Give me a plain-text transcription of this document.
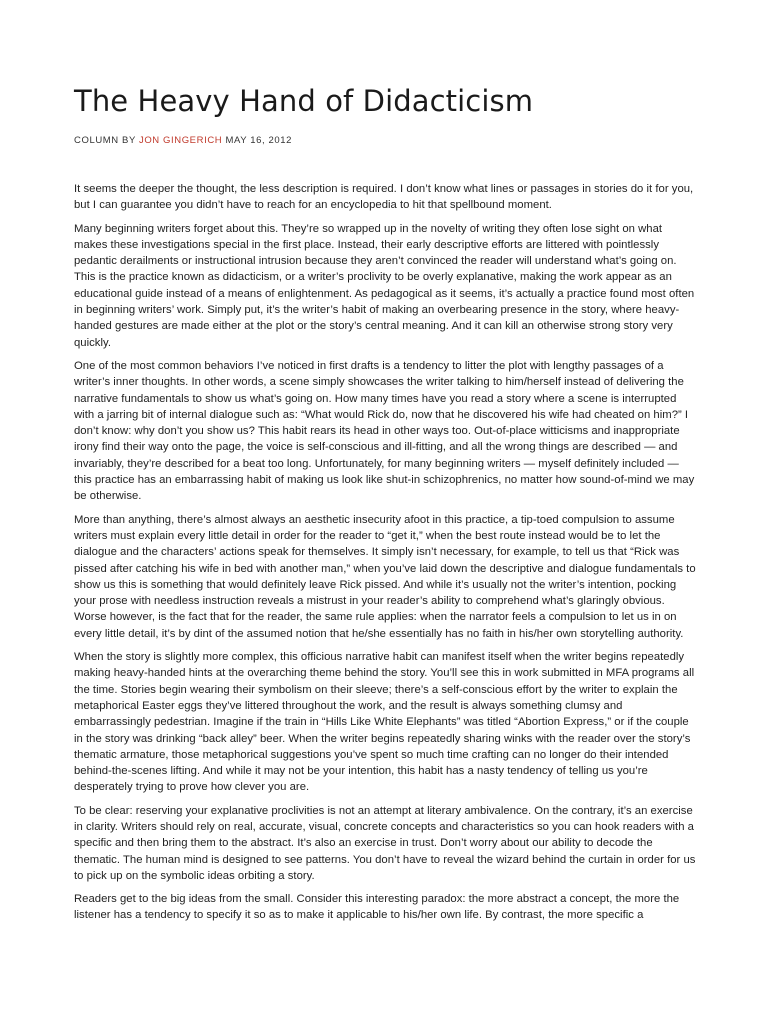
The Heavy Hand of Didacticism
COLUMN BY JON GINGERICH MAY 16, 2012

It seems the deeper the thought, the less description is required. I don’t know what lines or passages in stories do it for you, but I can guarantee you didn’t have to reach for an encyclopedia to hit that spellbound moment.

Many beginning writers forget about this. They’re so wrapped up in the novelty of writing they often lose sight on what makes these investigations special in the first place. Instead, their early descriptive efforts are littered with pointlessly pedantic derailments or instructional intrusion because they aren’t convinced the reader will understand what’s going on. This is the practice known as didacticism, or a writer’s proclivity to be overly explanative, making the work appear as an educational guide instead of a means of enlightenment. As pedagogical as it seems, it’s actually a practice found most often in beginning writers’ work. Simply put, it’s the writer’s habit of making an overbearing presence in the story, where heavy-handed gestures are made either at the plot or the story’s central meaning. And it can kill an otherwise strong story very quickly.

One of the most common behaviors I’ve noticed in first drafts is a tendency to litter the plot with lengthy passages of a writer’s inner thoughts. In other words, a scene simply showcases the writer talking to him/herself instead of delivering the narrative fundamentals to show us what’s going on. How many times have you read a story where a scene is interrupted with a jarring bit of internal dialogue such as: “What would Rick do, now that he discovered his wife had cheated on him?” I don’t know: why don’t you show us? This habit rears its head in other ways too. Out-of-place witticisms and inappropriate irony find their way onto the page, the voice is self-conscious and ill-fitting, and all the wrong things are described — and invariably, they’re described for a beat too long. Unfortunately, for many beginning writers — myself definitely included — this practice has an embarrassing habit of making us look like shut-in schizophrenics, no matter how sound-of-mind we may be otherwise.

More than anything, there’s almost always an aesthetic insecurity afoot in this practice, a tip-toed compulsion to assume writers must explain every little detail in order for the reader to “get it,” when the best route instead would be to let the dialogue and the characters’ actions speak for themselves. It simply isn’t necessary, for example, to tell us that “Rick was pissed after catching his wife in bed with another man,” when you’ve laid down the descriptive and dialogue fundamentals to show us this is something that would definitely leave Rick pissed. And while it’s usually not the writer’s intention, pocking your prose with needless instruction reveals a mistrust in your reader’s ability to comprehend what’s glaringly obvious. Worse however, is the fact that for the reader, the same rule applies: when the narrator feels a compulsion to let us in on every little detail, it’s by dint of the assumed notion that he/she essentially has no faith in his/her own storytelling authority.

When the story is slightly more complex, this officious narrative habit can manifest itself when the writer begins repeatedly making heavy-handed hints at the overarching theme behind the story. You’ll see this in work submitted in MFA programs all the time. Stories begin wearing their symbolism on their sleeve; there’s a self-conscious effort by the writer to explain the metaphorical Easter eggs they’ve littered throughout the work, and the result is always something clumsy and embarrassingly pedestrian. Imagine if the train in “Hills Like White Elephants” was titled “Abortion Express,” or if the couple in the story was drinking “back alley” beer. When the writer begins repeatedly sharing winks with the reader over the story’s thematic armature, those metaphorical suggestions you’ve spent so much time crafting can no longer do their intended behind-the-scenes lifting. And while it may not be your intention, this habit has a nasty tendency of telling us you’re desperately trying to prove how clever you are.

To be clear: reserving your explanative proclivities is not an attempt at literary ambivalence. On the contrary, it’s an exercise in clarity. Writers should rely on real, accurate, visual, concrete concepts and characteristics so you can hook readers with a specific and then bring them to the abstract. It’s also an exercise in trust. Don’t worry about our ability to decode the thematic. The human mind is designed to see patterns. You don’t have to reveal the wizard behind the curtain in order for us to pick up on the symbolic ideas orbiting a story.

Readers get to the big ideas from the small. Consider this interesting paradox: the more abstract a concept, the more the listener has a tendency to specify it so as to make it applicable to his/her own life. By contrast, the more specific a
